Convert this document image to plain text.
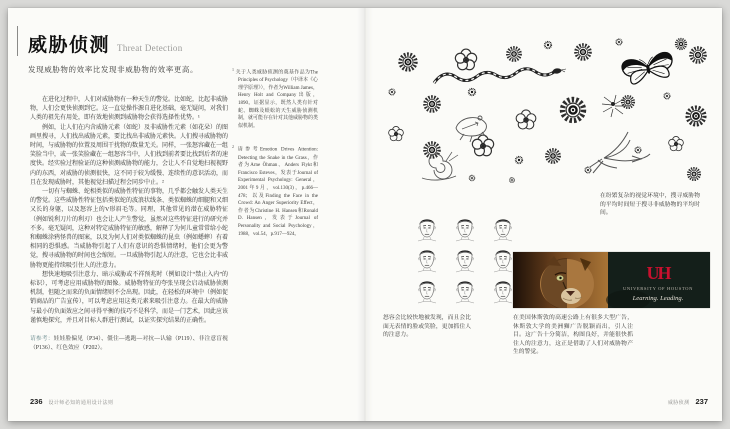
威胁侦测 Threat Detection
发现威胁物的效率比发现非威胁物的效率更高。

在进化过程中，人们对威胁物有一种天生的警觉。比如蛇，比起非威胁物，人们会更快侦测到它。这一直觉操作源自进化基础，毫无疑问，对我们人类的祖先有用处，即有效地侦测到威胁物会获得选择性优势。¹

例如，让人们在内含威胁元素（如蛇）及非威胁性元素（如花朵）的图画里搜寻，人们找出威胁元素，要比找出非威胁元素快。人们搜寻威胁物的时间，与威胁物的位置及周围干扰物的数量无关。同样，一张怒容藏在一组笑脸当中，或一张笑脸藏在一组怒容当中，人们找到前者要比找到后者的速度快。经实验过程验证的这种侦测威胁物的能力，会让人不自觉地扫视视野内的东西，对威胁的侦测很快，这不同于较为缓慢、连续性的意识活动，而且在发现威胁时，其他视觉扫描过程会同步中止。²

一切有与蜘蛛、蛇相类似的威胁性特征的事物，几乎都会触发人类天生的警觉。这些威胁性特征包括类似蛇的波浪状线条、类似蜘蛛的细腿和又细又长的身躯，以及怒容上的V形眉毛等。同理，其他常见的潜在威胁特征（例如锐利刀片的利刃）也会让人产生警觉，虽然对这些特征进行的研究并不多。毫无疑问，这种对特定威胁特征的敏感，解释了为何儿童常常给小蛇和蜘蛛涂鸦怪兽的图案，以及为何人们对类似蜘蛛的昆虫（例如蟋蟀）有着相同的恐惧感。当威胁物引起了人们有意识的恐惧情绪时，他们会更为警觉，搜寻威胁物的时间也会缩短。一旦威胁物引起人的注意，它也会比非威胁物更能持续吸引住人的注意力。

想快速地吸引注意力、暗示威胁或不祥预兆时（例如设计“禁止入内”的标识），可考虑应用威胁物的图像。威胁物特征的夸张呈现会启动威胁侦测机制，但随之而来的负面情绪则不会出现。因此，在轻松的环境中（例如促销商品的广告宣传），可以考虑应用这类元素来吸引注意力。在最大的威胁与最小的负面效应之间寻得平衡的技巧不是科学，而是一门艺术，因此应该谨慎地探究，并且对目标人群进行测试，以证实探究结果的正确性。

请参考：娃娃脸偏见（P34）、僵住—逃跑—对抗—认输（P119）、非注意盲视（P136）、红色效应（P202）。
$^1$ 关于人类威胁侦测的奠基作品为The Principles of Psychology（中译本《心理学原理》），作者为William James，Henry Holt and Company出版，1890。证据显示，既然人类有针对蛇、蜘蛛及蜈蚣的天生威胁侦测机制，就可能存在针对其他威胁物的类似机制。
$^2$ 请参考Emotion Drives Attention: Detecting the Snake in the Grass，作者为Arne Öhman、Anders Flykt和Francisco Esteves，发表于Journal of Experimental Psychology: General，2001年9月，vol.130(3)，p.466—478；以及Finding the Face in the Crowd: An Anger Superiority Effect，作者为Christine H. Hansen和Ronald D. Hansen，发表于Journal of Personality and Social Psychology，1988，vol.54，p.917—924。
236 设计师必知的通用设计法则
在纷繁复杂的视觉环境中，搜寻威胁物的平均时间短于搜寻非威胁物的平均时间。
UH
UNIVERSITY OF HOUSTON
Learning. Leading.
怒容会比较快地被发现，而且会比面无表情的脸或笑脸，更加抓住人的注意力。
在美国休斯敦的高速公路上有很多大型广告，休斯敦大学的美洲狮广告脱颖而出，引人注目。这广告十分简洁，构图良好，并能很快抓住人的注意力，这正是借助了人们对威胁物产生的警觉。
威胁侦测 237
